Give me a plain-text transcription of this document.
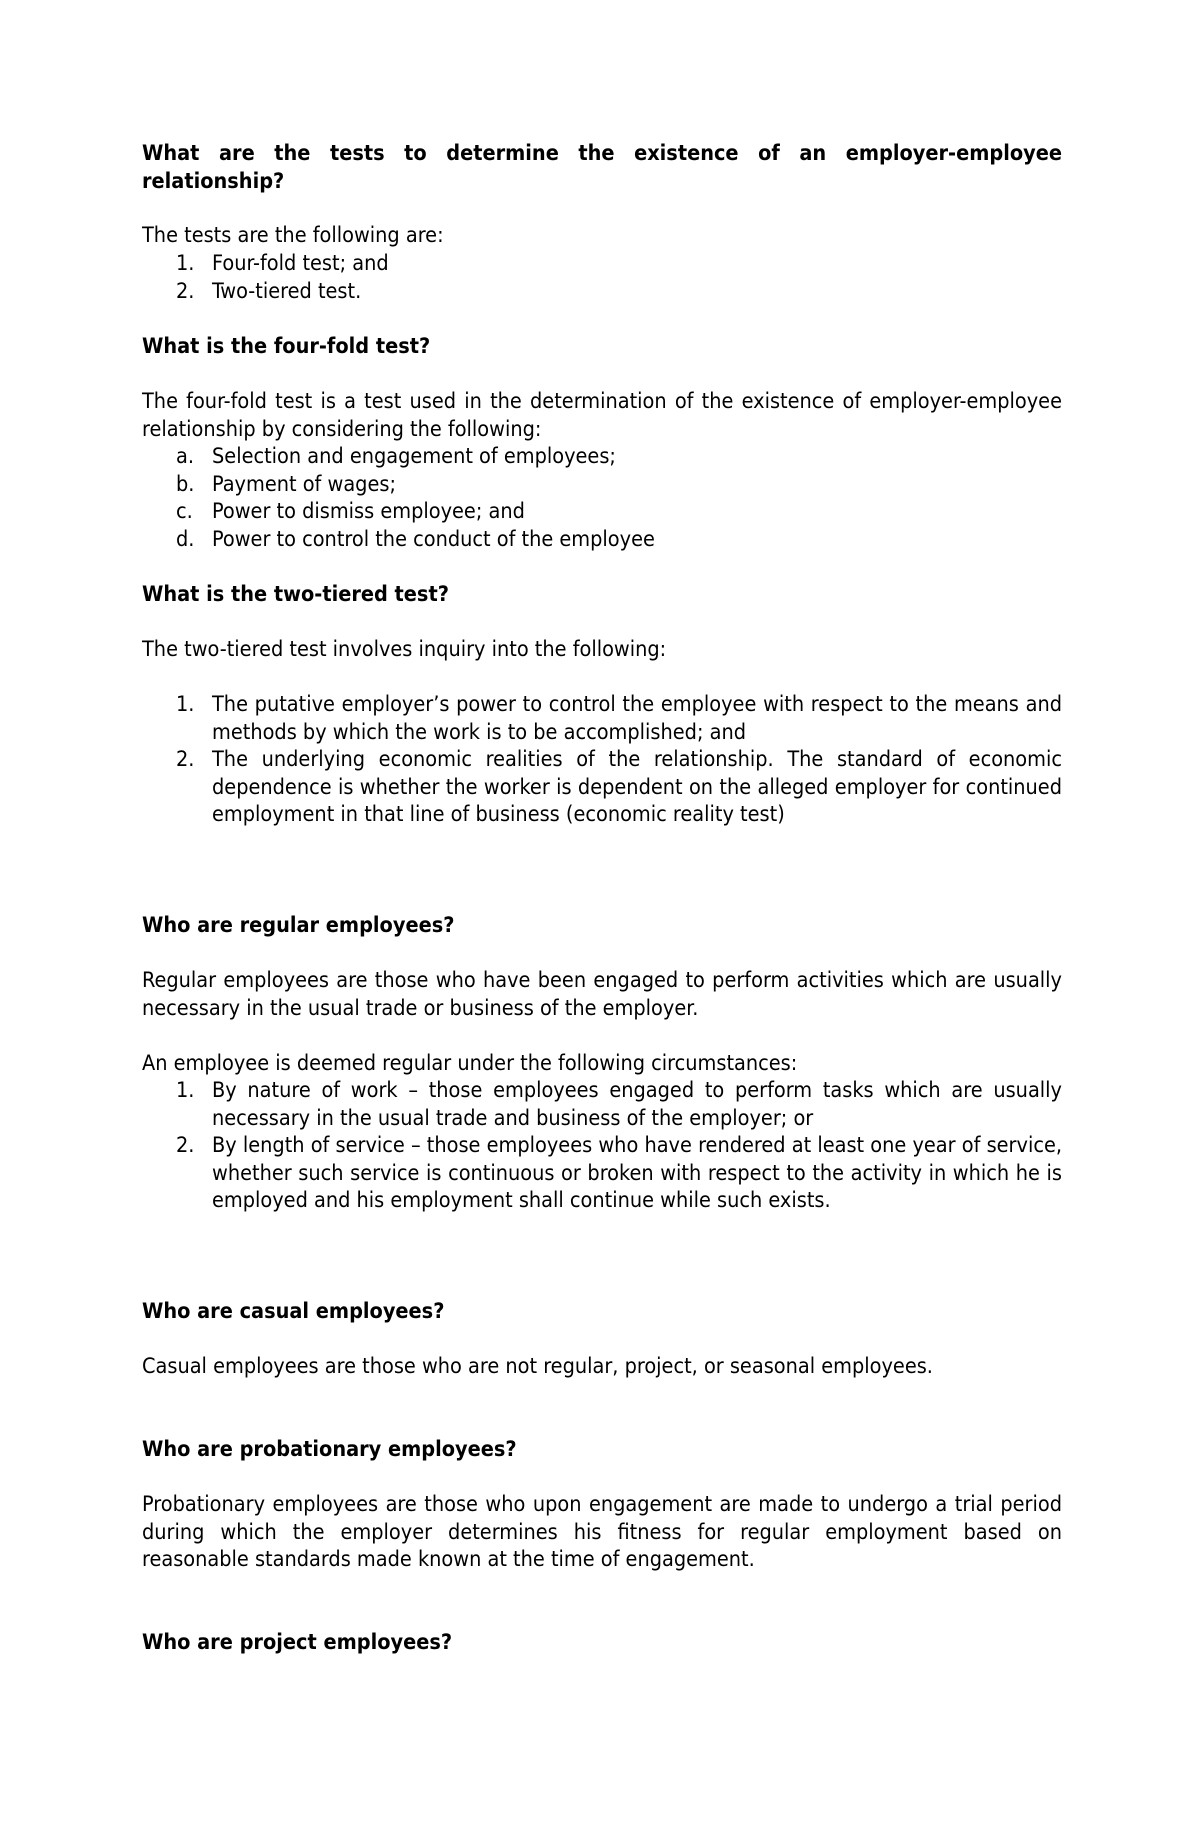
What are the tests to determine the existence of an employer-employee relationship?

The tests are the following are:

1. Four-fold test; and
2. Two-tiered test.

What is the four-fold test?

The four-fold test is a test used in the determination of the existence of employer-employee relationship by considering the following:

a. Selection and engagement of employees;
b. Payment of wages;
c. Power to dismiss employee; and
d. Power to control the conduct of the employee

What is the two-tiered test?

The two-tiered test involves inquiry into the following:

1. The putative employer’s power to control the employee with respect to the means and methods by which the work is to be accomplished; and
2. The underlying economic realities of the relationship. The standard of economic dependence is whether the worker is dependent on the alleged employer for continued employment in that line of business (economic reality test)

Who are regular employees?

Regular employees are those who have been engaged to perform activities which are usually necessary in the usual trade or business of the employer.

An employee is deemed regular under the following circumstances:

1. By nature of work – those employees engaged to perform tasks which are usually necessary in the usual trade and business of the employer; or
2. By length of service – those employees who have rendered at least one year of service, whether such service is continuous or broken with respect to the activity in which he is employed and his employment shall continue while such exists.

Who are casual employees?

Casual employees are those who are not regular, project, or seasonal employees.

Who are probationary employees?

Probationary employees are those who upon engagement are made to undergo a trial period during which the employer determines his fitness for regular employment based on reasonable standards made known at the time of engagement.

Who are project employees?
